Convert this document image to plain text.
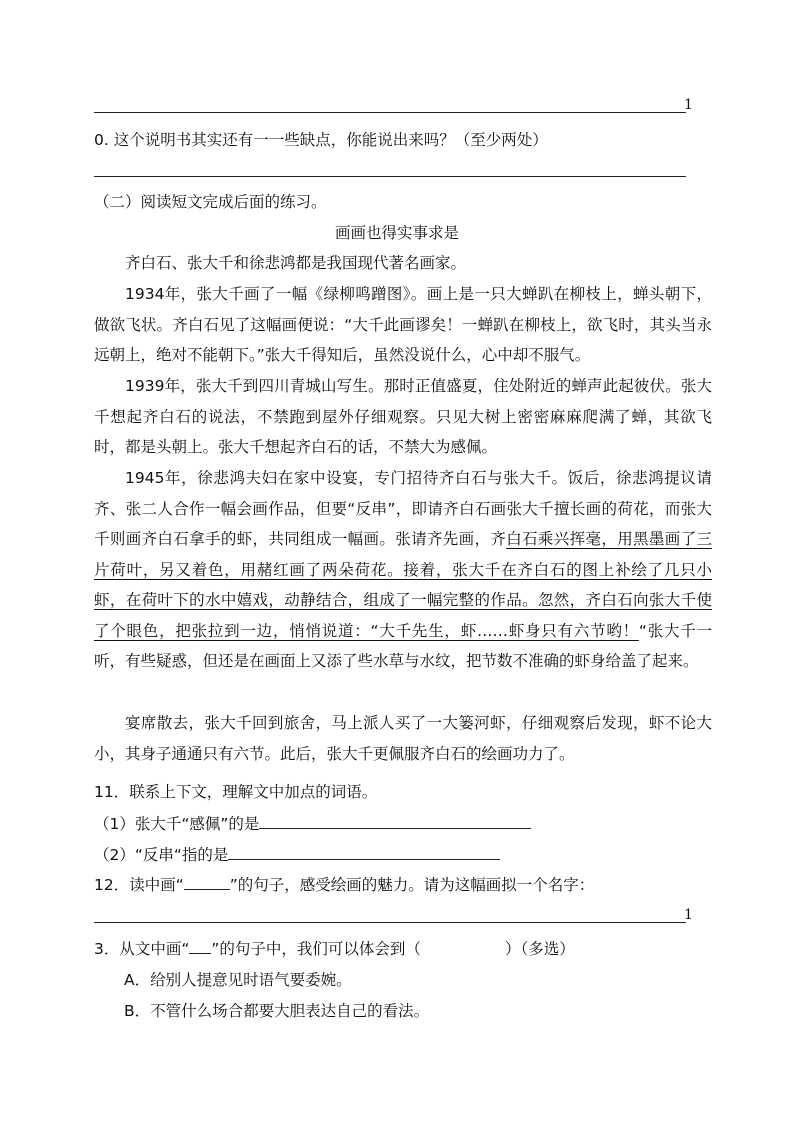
1
0. 这个说明书其实还有一一些缺点，你能说出来吗？（至少两处）
（二）阅读短文完成后面的练习。
画画也得实事求是
齐白石、张大千和徐悲鸿都是我国现代著名画家。
1934年，张大千画了一幅《绿柳鸣蹭图》。画上是一只大蝉趴在柳枝上，蝉头朝下，做欲飞状。齐白石见了这幅画便说：“大千此画谬矣！一蝉趴在柳枝上，欲飞时，其头当永远朝上，绝对不能朝下。”张大千得知后，虽然没说什么，心中却不服气。
1939年，张大千到四川青城山写生。那时正值盛夏，住处附近的蝉声此起彼伏。张大千想起齐白石的说法，不禁跑到屋外仔细观察。只见大树上密密麻麻爬满了蝉，其欲飞时，都是头朝上。张大千想起齐白石的话，不禁大为感佩。
1945年，徐悲鸿夫妇在家中设宴，专门招待齐白石与张大千。饭后，徐悲鸿提议请齐、张二人合作一幅会画作品，但要“反串”，即请齐白石画张大千擅长画的荷花，而张大千则画齐白石拿手的虾，共同组成一幅画。张请齐先画，齐白石乘兴挥毫，用黑墨画了三片荷叶，另又着色，用赭红画了两朵荷花。接着，张大千在齐白石的图上补绘了几只小虾，在荷叶下的水中嬉戏，动静结合，组成了一幅完整的作品。忽然，齐白石向张大千使了个眼色，把张拉到一边，悄悄说道：“大千先生，虾……虾身只有六节哟！“张大千一听，有些疑惑，但还是在画面上又添了些水草与水纹，把节数不准确的虾身给盖了起来。
宴席散去，张大千回到旅舍，马上派人买了一大篓河虾，仔细观察后发现，虾不论大小，其身子通通只有六节。此后，张大千更佩服齐白石的绘画功力了。
11．联系上下文，理解文中加点的词语。
（1）张大千“感佩”的是
（2）“反串“指的是
12．读中画“	”的句子，感受绘画的魅力。请为这幅画拟一个名字：
1
3．从文中画“ ”的句子中，我们可以体会到（	）（多选）
A．给别人提意见时语气要委婉。
B．不管什么场合都要大胆表达自己的看法。
